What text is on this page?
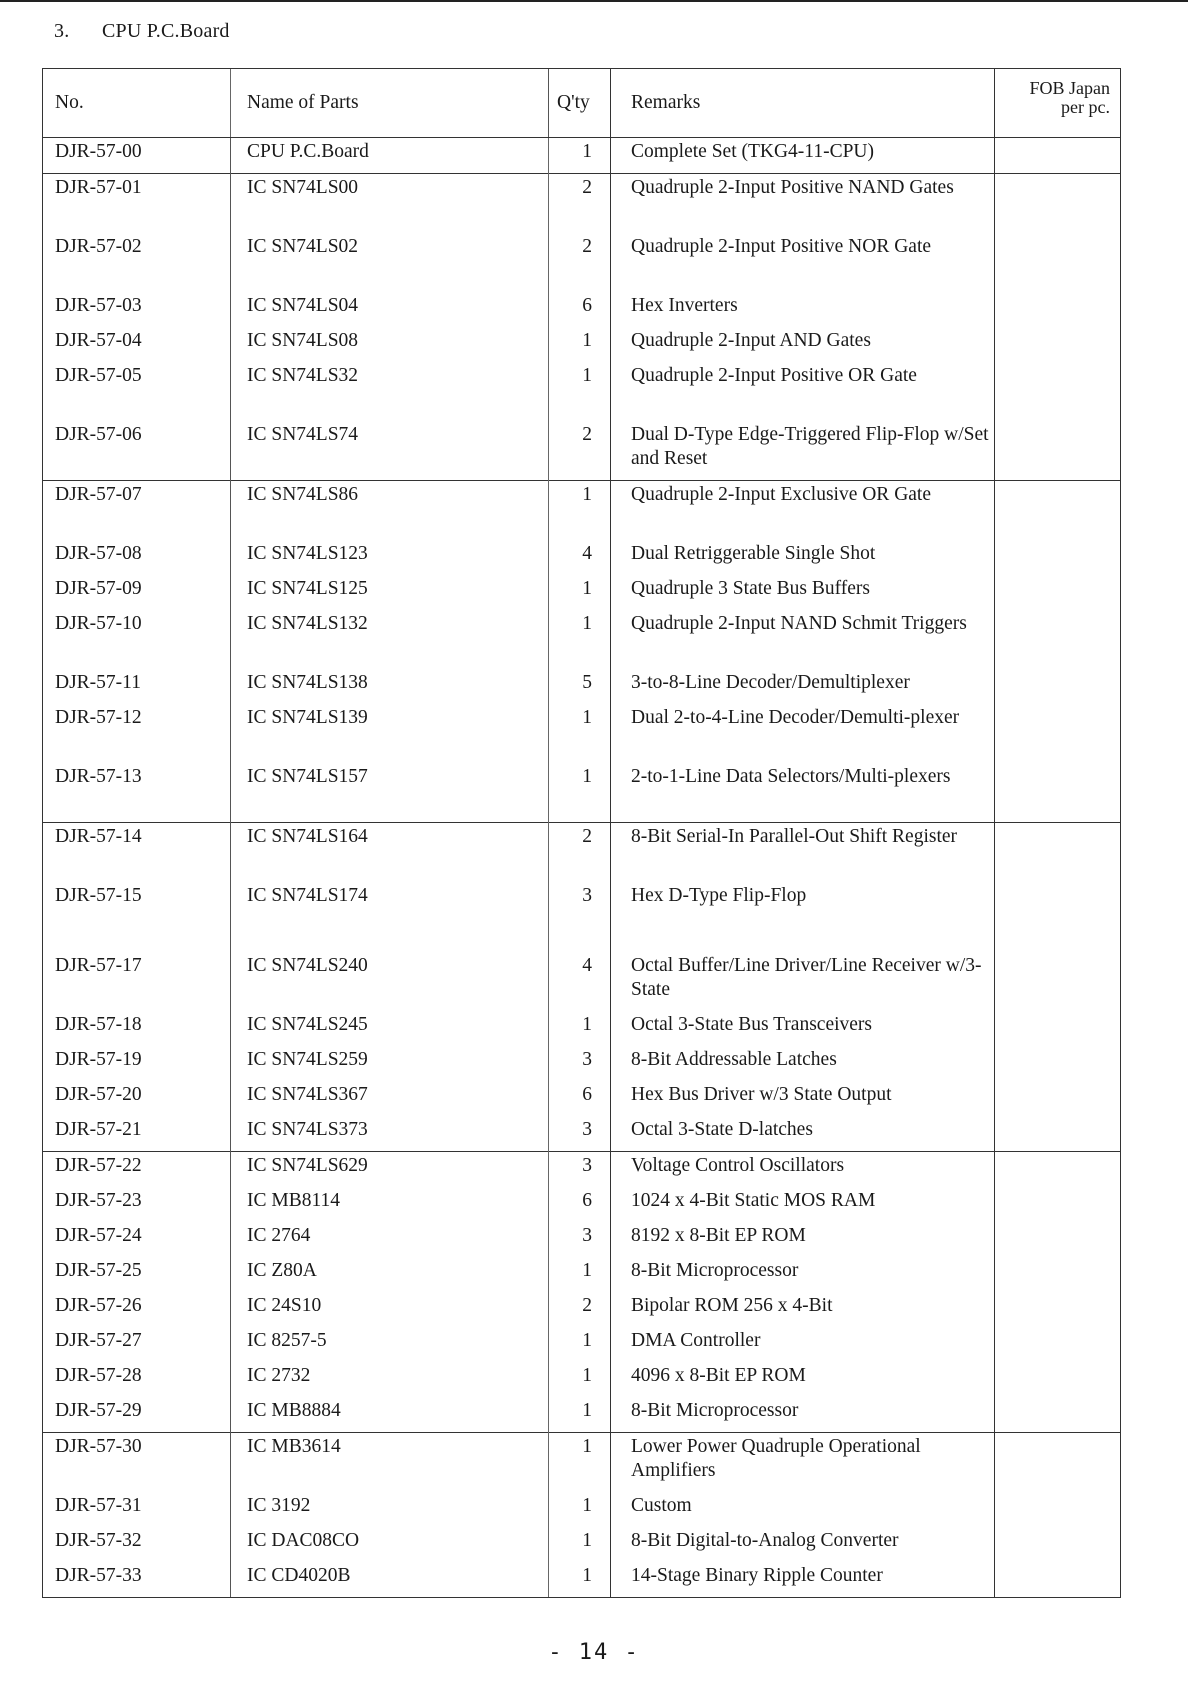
3. CPU P.C.Board
No.	Name of Parts	Q'ty	Remarks	FOB Japan
per pc.

DJR-57-00	CPU P.C.Board	1	Complete Set (TKG4-11-CPU)	
DJR-57-01	IC SN74LS00	2	Quadruple 2-Input Positive NAND Gates	
DJR-57-02	IC SN74LS02	2	Quadruple 2-Input Positive NOR Gate	
DJR-57-03	IC SN74LS04	6	Hex Inverters	
DJR-57-04	IC SN74LS08	1	Quadruple 2-Input AND Gates	
DJR-57-05	IC SN74LS32	1	Quadruple 2-Input Positive OR Gate	
DJR-57-06	IC SN74LS74	2	Dual D-Type Edge-Triggered Flip-Flop w/Set and Reset	
DJR-57-07	IC SN74LS86	1	Quadruple 2-Input Exclusive OR Gate	
DJR-57-08	IC SN74LS123	4	Dual Retriggerable Single Shot	
DJR-57-09	IC SN74LS125	1	Quadruple 3 State Bus Buffers	
DJR-57-10	IC SN74LS132	1	Quadruple 2-Input NAND Schmit Triggers	
DJR-57-11	IC SN74LS138	5	3-to-8-Line Decoder/Demultiplexer	
DJR-57-12	IC SN74LS139	1	Dual 2-to-4-Line Decoder/Demulti-plexer	
DJR-57-13	IC SN74LS157	1	2-to-1-Line Data Selectors/Multi-plexers	
DJR-57-14	IC SN74LS164	2	8-Bit Serial-In Parallel-Out Shift Register	
DJR-57-15	IC SN74LS174	3	Hex D-Type Flip-Flop	
DJR-57-17	IC SN74LS240	4	Octal Buffer/Line Driver/Line Receiver w/3-State	
DJR-57-18	IC SN74LS245	1	Octal 3-State Bus Transceivers	
DJR-57-19	IC SN74LS259	3	8-Bit Addressable Latches	
DJR-57-20	IC SN74LS367	6	Hex Bus Driver w/3 State Output	
DJR-57-21	IC SN74LS373	3	Octal 3-State D-latches	
DJR-57-22	IC SN74LS629	3	Voltage Control Oscillators	
DJR-57-23	IC MB8114	6	1024 x 4-Bit Static MOS RAM	
DJR-57-24	IC 2764	3	8192 x 8-Bit EP ROM	
DJR-57-25	IC Z80A	1	8-Bit Microprocessor	
DJR-57-26	IC 24S10	2	Bipolar ROM 256 x 4-Bit	
DJR-57-27	IC 8257-5	1	DMA Controller	
DJR-57-28	IC 2732	1	4096 x 8-Bit EP ROM	
DJR-57-29	IC MB8884	1	8-Bit Microprocessor	
DJR-57-30	IC MB3614	1	Lower Power Quadruple Operational Amplifiers	
DJR-57-31	IC 3192	1	Custom	
DJR-57-32	IC DAC08CO	1	8-Bit Digital-to-Analog Converter	
DJR-57-33	IC CD4020B	1	14-Stage Binary Ripple Counter	
- 14 -
